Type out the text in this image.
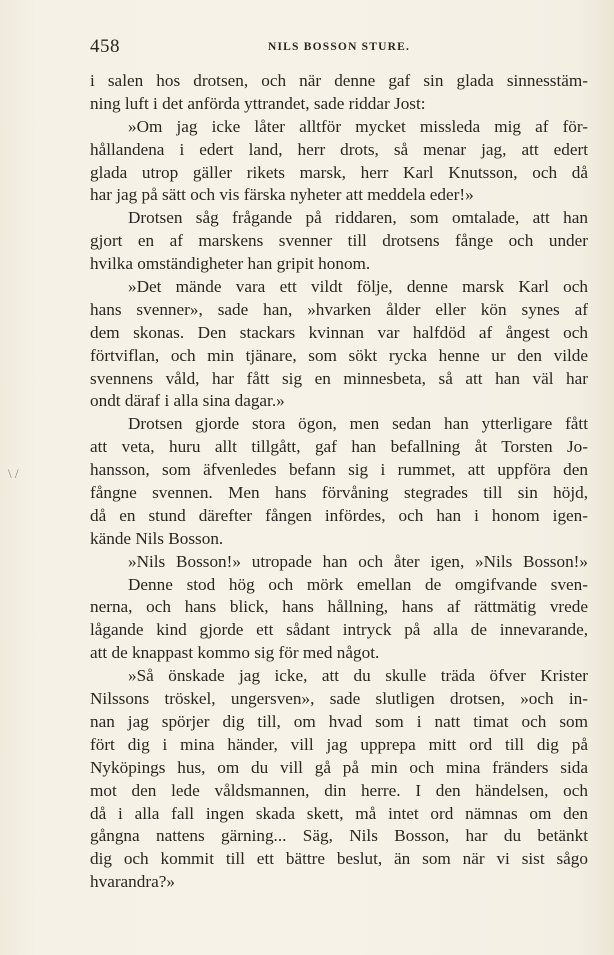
458	NILS BOSSON STURE.
\ /
i salen hos drotsen, och när denne gaf sin glada sinnesstäm-
ning luft i det anförda yttrandet, sade riddar Jost:
»Om jag icke låter alltför mycket missleda mig af för-
hållandena i edert land, herr drots, så menar jag, att edert
glada utrop gäller rikets marsk, herr Karl Knutsson, och då
har jag på sätt och vis färska nyheter att meddela eder!»
Drotsen såg frågande på riddaren, som omtalade, att han
gjort en af marskens svenner till drotsens fånge och under
hvilka omständigheter han gripit honom.
»Det mände vara ett vildt följe, denne marsk Karl och
hans svenner», sade han, »hvarken ålder eller kön synes af
dem skonas. Den stackars kvinnan var halfdöd af ångest och
förtviflan, och min tjänare, som sökt rycka henne ur den vilde
svennens våld, har fått sig en minnesbeta, så att han väl har
ondt däraf i alla sina dagar.»
Drotsen gjorde stora ögon, men sedan han ytterligare fått
att veta, huru allt tillgått, gaf han befallning åt Torsten Jo-
hansson, som äfvenledes befann sig i rummet, att uppföra den
fångne svennen. Men hans förvåning stegrades till sin höjd,
då en stund därefter fången infördes, och han i honom igen-
kände Nils Bosson.
»Nils Bosson!» utropade han och åter igen, »Nils Bosson!»
Denne stod hög och mörk emellan de omgifvande sven-
nerna, och hans blick, hans hållning, hans af rättmätig vrede
lågande kind gjorde ett sådant intryck på alla de innevarande,
att de knappast kommo sig för med något.
»Så önskade jag icke, att du skulle träda öfver Krister
Nilssons tröskel, ungersven», sade slutligen drotsen, »och in-
nan jag spörjer dig till, om hvad som i natt timat och som
fört dig i mina händer, vill jag upprepa mitt ord till dig på
Nyköpings hus, om du vill gå på min och mina fränders sida
mot den lede våldsmannen, din herre. I den händelsen, och
då i alla fall ingen skada skett, må intet ord nämnas om den
gångna nattens gärning... Säg, Nils Bosson, har du betänkt
dig och kommit till ett bättre beslut, än som när vi sist sågo
hvarandra?»
